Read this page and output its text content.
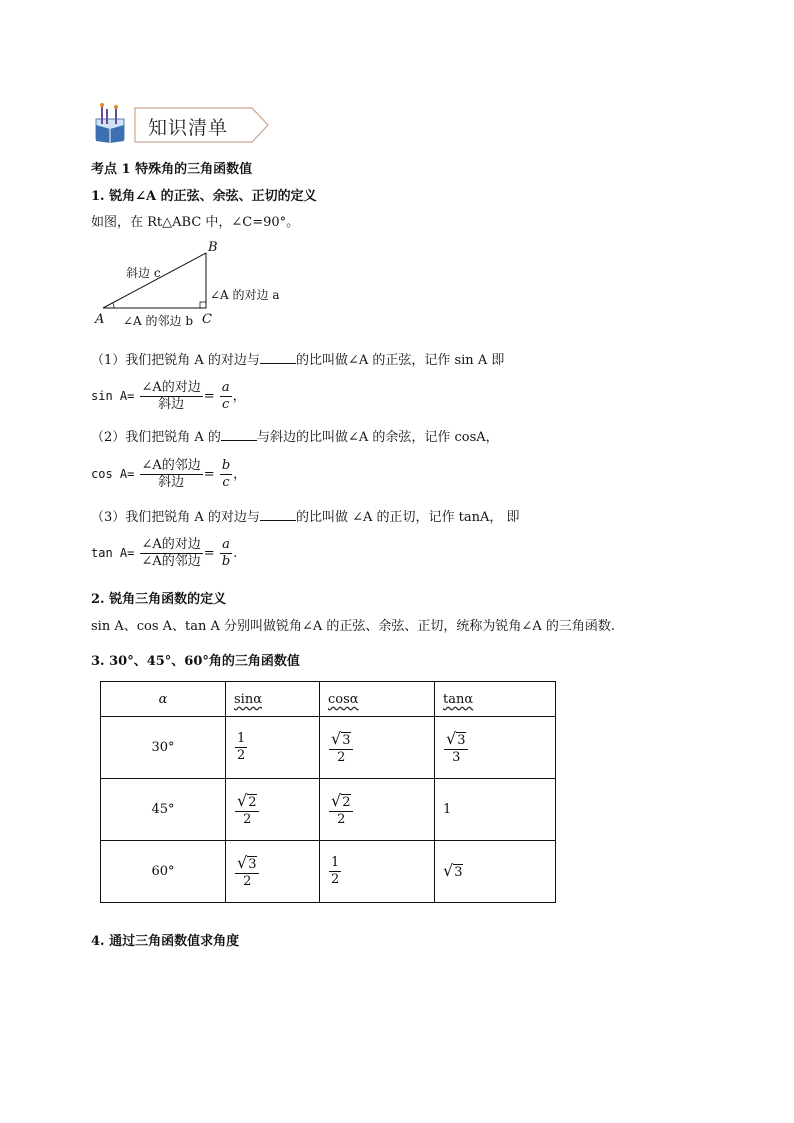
知识清单
考点 1 特殊角的三角函数值
1. 锐角∠A 的正弦、余弦、正切的定义
如图，在 Rt△ABC 中，∠C=90°。
B
A	C
斜边 c
∠A 的对边 a
∠A 的邻边 b
（1）我们把锐角 A 的对边与	的比叫做∠A 的正弦，记作 sin A 即
$\sin A= \frac{\text{∠A的对边}}{\text{斜边}} = \frac{a}{c}$ ，
（2）我们把锐角 A 的	与斜边的比叫做∠A 的余弦，记作 cosA，
$\cos A= \frac{\text{∠A的邻边}}{\text{斜边}} = \frac{b}{c}$ ，
（3）我们把锐角 A 的对边与	的比叫做 ∠A 的正切，记作 tanA， 即
$\tan A= \frac{\text{∠A的对边}}{\text{∠A的邻边}} = \frac{a}{b}$ .
2. 锐角三角函数的定义
sin A、cos A、tan A 分别叫做锐角∠A 的正弦、余弦、正切，统称为锐角∠A 的三角函数.
3. 30°、45°、60°角的三角函数值
α	sinα	cosα	tanα
30°	$\frac{1}{2}$	$\frac{√ 3}{2}$	$\frac{√ 3}{3}$

45°	$\frac{√ 2}{2}$	$\frac{√ 2}{2}$	1
60°	$\frac{√ 3}{2}$	$\frac{1}{2}$	√ 3
4. 通过三角函数值求角度
